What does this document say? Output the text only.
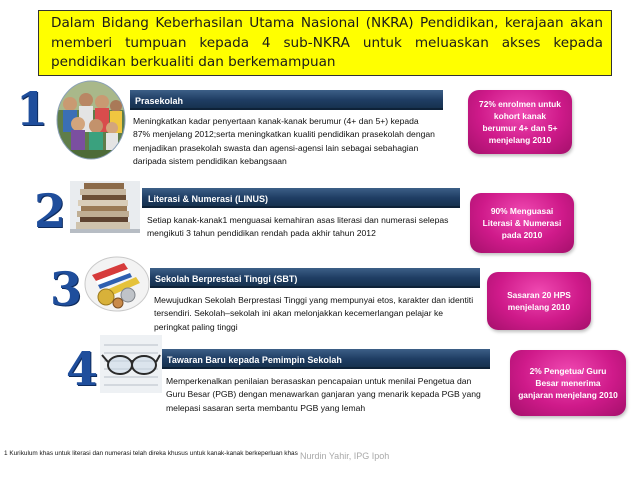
Dalam Bidang Keberhasilan Utama Nasional (NKRA) Pendidikan, kerajaan akan memberi tumpuan kepada 4 sub-NKRA untuk meluaskan akses kepada pendidikan berkualiti dan berkemampuan
1	Prasekolah
Meningkatkan kadar penyertaan kanak-kanak berumur (4+ dan 5+) kepada 87% menjelang 2012;serta meningkatkan kualiti pendidikan prasekolah dengan menjadikan prasekolah swasta dan agensi-agensi lain sebagai sebahagian daripada sistem pendidikan kebangsaan
72% enrolmen untuk kohort kanak berumur 4+ dan 5+ menjelang 2010
2	Literasi & Numerasi (LINUS)
Setiap kanak-kanak1 menguasai kemahiran asas literasi dan numerasi selepas mengikuti 3 tahun pendidikan rendah pada akhir tahun 2012
90% Menguasai Literasi & Numerasi pada 2010
3	Sekolah Berprestasi Tinggi (SBT)
Mewujudkan Sekolah Berprestasi Tinggi yang mempunyai etos, karakter dan identiti tersendiri. Sekolah–sekolah ini akan melonjakkan kecemerlangan pelajar ke peringkat paling tinggi
Sasaran 20 HPS menjelang 2010
4	Tawaran Baru kepada Pemimpin Sekolah
Memperkenalkan penilaian berasaskan pencapaian untuk menilai Pengetua dan Guru Besar (PGB) dengan menawarkan ganjaran yang menarik kepada PGB yang melepasi sasaran serta membantu PGB yang lemah
2% Pengetua/ Guru Besar menerima ganjaran menjelang 2010
Nurdin Yahir, IPG Ipoh
1 Kurikulum khas untuk literasi dan numerasi telah direka khusus untuk kanak-kanak berkeperluan khas
